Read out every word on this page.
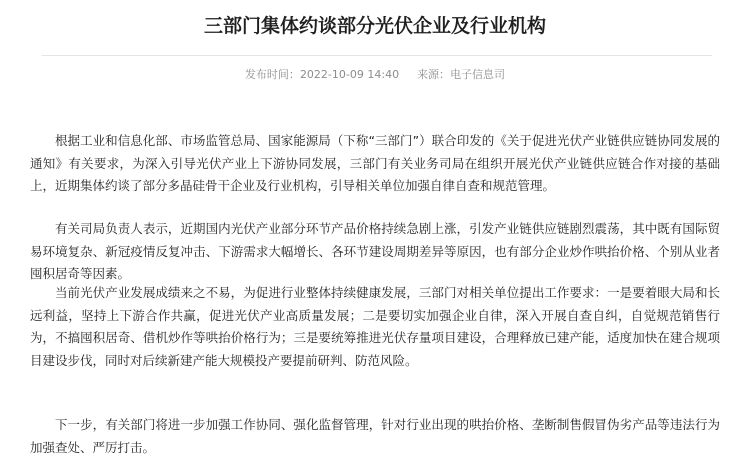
三部门集体约谈部分光伏企业及行业机构
发布时间：2022-10-09 14:40 来源：电子信息司

根据工业和信息化部、市场监管总局、国家能源局（下称“三部门”）联合印发的《关于促进光伏产业链供应链协同发展的通知》有关要求，为深入引导光伏产业上下游协同发展，三部门有关业务司局在组织开展光伏产业链供应链合作对接的基础上，近期集体约谈了部分多晶硅骨干企业及行业机构，引导相关单位加强自律自查和规范管理。

有关司局负责人表示，近期国内光伏产业部分环节产品价格持续急剧上涨，引发产业链供应链剧烈震荡，其中既有国际贸易环境复杂、新冠疫情反复冲击、下游需求大幅增长、各环节建设周期差异等原因，也有部分企业炒作哄抬价格、个别从业者囤积居奇等因素。

当前光伏产业发展成绩来之不易，为促进行业整体持续健康发展，三部门对相关单位提出工作要求：一是要着眼大局和长远利益，坚持上下游合作共赢，促进光伏产业高质量发展；二是要切实加强企业自律，深入开展自查自纠，自觉规范销售行为，不搞囤积居奇、借机炒作等哄抬价格行为；三是要统筹推进光伏存量项目建设，合理释放已建产能，适度加快在建合规项目建设步伐，同时对后续新建产能大规模投产要提前研判、防范风险。

下一步，有关部门将进一步加强工作协同、强化监督管理，针对行业出现的哄抬价格、垄断制售假冒伪劣产品等违法行为加强查处、严厉打击。
